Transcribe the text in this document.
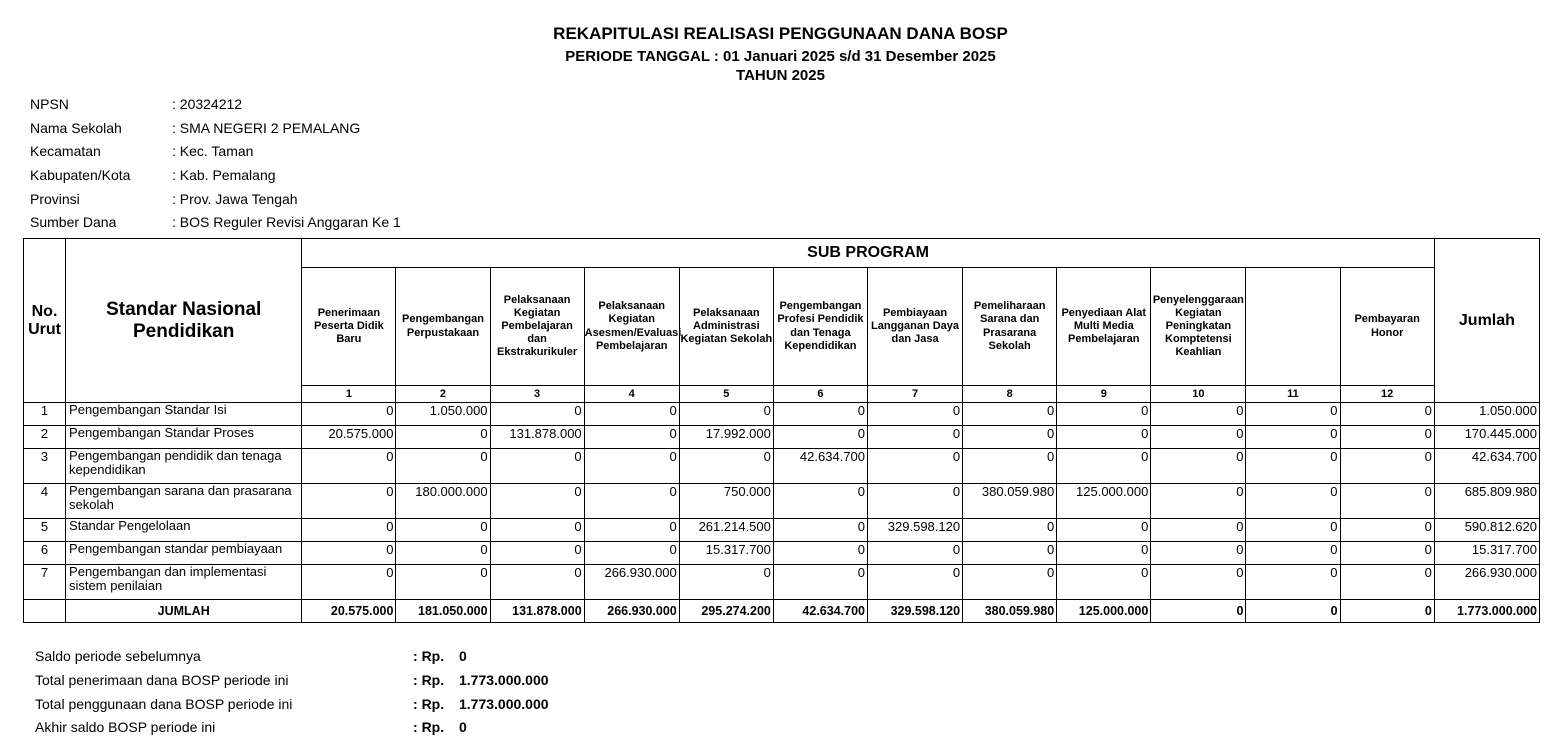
REKAPITULASI REALISASI PENGGUNAAN DANA BOSP
PERIODE TANGGAL : 01 Januari 2025 s/d 31 Desember 2025
TAHUN 2025
NPSN	: 20324212
Nama Sekolah	: SMA NEGERI 2 PEMALANG
Kecamatan	: Kec. Taman
Kabupaten/Kota	: Kab. Pemalang
Provinsi	: Prov. Jawa Tengah
Sumber Dana	: BOS Reguler Revisi Anggaran Ke 1
No. Urut	Standar Nasional Pendidikan	SUB PROGRAM												Jumlah
		Penerimaan Peserta Didik Baru	Pengembangan Perpustakaan	Pelaksanaan Kegiatan Pembelajaran dan Ekstrakurikuler	Pelaksanaan Kegiatan Asesmen/Evaluasi Pembelajaran	Pelaksanaan Administrasi Kegiatan Sekolah	Pengembangan Profesi Pendidik dan Tenaga Kependidikan	Pembiayaan Langganan Daya dan Jasa	Pemeliharaan Sarana dan Prasarana Sekolah	Penyediaan Alat Multi Media Pembelajaran	Penyelenggaraan Kegiatan Peningkatan Komptetensi Keahlian		Pembayaran Honor	
		1	2	3	4	5	6	7	8	9	10	11	12	
1	Pengembangan Standar Isi	0	1.050.000	0	0	0	0	0	0	0	0	0	0	1.050.000
2	Pengembangan Standar Proses	20.575.000	0	131.878.000	0	17.992.000	0	0	0	0	0	0	0	170.445.000
3	Pengembangan pendidik dan tenaga kependidikan	0	0	0	0	0	42.634.700	0	0	0	0	0	0	42.634.700
4	Pengembangan sarana dan prasarana sekolah	0	180.000.000	0	0	750.000	0	0	380.059.980	125.000.000	0	0	0	685.809.980
5	Standar Pengelolaan	0	0	0	0	261.214.500	0	329.598.120	0	0	0	0	0	590.812.620
6	Pengembangan standar pembiayaan	0	0	0	0	15.317.700	0	0	0	0	0	0	0	15.317.700
7	Pengembangan dan implementasi sistem penilaian	0	0	0	266.930.000	0	0	0	0	0	0	0	0	266.930.000
	JUMLAH	20.575.000	181.050.000	131.878.000	266.930.000	295.274.200	42.634.700	329.598.120	380.059.980	125.000.000	0	0	0	1.773.000.000
Saldo periode sebelumnya	: Rp.	0
Total penerimaan dana BOSP periode ini	: Rp.	1.773.000.000
Total penggunaan dana BOSP periode ini	: Rp.	1.773.000.000
Akhir saldo BOSP periode ini	: Rp.	0
